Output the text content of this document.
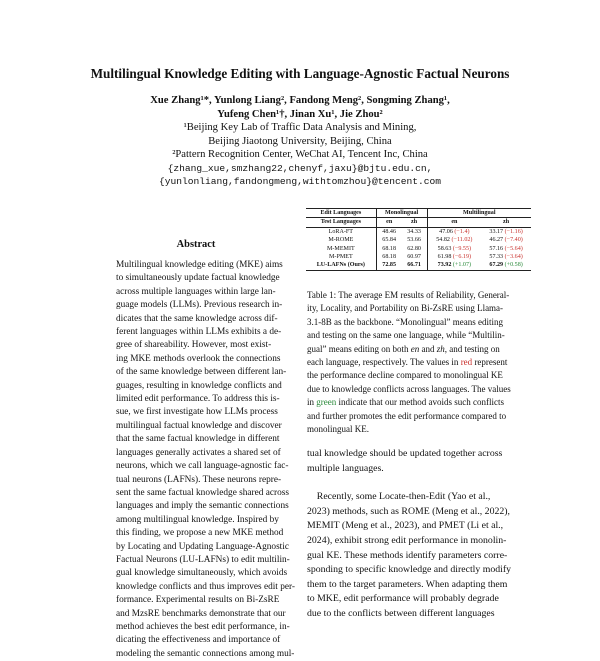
Multilingual Knowledge Editing with Language-Agnostic Factual Neurons
Xue Zhang¹*, Yunlong Liang², Fandong Meng², Songming Zhang¹,
Yufeng Chen¹†, Jinan Xu¹, Jie Zhou²
¹Beijing Key Lab of Traffic Data Analysis and Mining,
Beijing Jiaotong University, Beijing, China
²Pattern Recognition Center, WeChat AI, Tencent Inc, China
{zhang_xue,smzhang22,chenyf,jaxu}@bjtu.edu.cn,
{yunlonliang,fandongmeng,withtomzhou}@tencent.com
Abstract
Multilingual knowledge editing (MKE) aims
to simultaneously update factual knowledge
across multiple languages within large lan-
guage models (LLMs). Previous research in-
dicates that the same knowledge across dif-
ferent languages within LLMs exhibits a de-
gree of shareability. However, most exist-
ing MKE methods overlook the connections
of the same knowledge between different lan-
guages, resulting in knowledge conflicts and
limited edit performance. To address this is-
sue, we first investigate how LLMs process
multilingual factual knowledge and discover
that the same factual knowledge in different
languages generally activates a shared set of
neurons, which we call language-agnostic fac-
tual neurons (LAFNs). These neurons repre-
sent the same factual knowledge shared across
languages and imply the semantic connections
among multilingual knowledge. Inspired by
this finding, we propose a new MKE method
by Locating and Updating Language-Agnostic
Factual Neurons (LU-LAFNs) to edit multilin-
gual knowledge simultaneously, which avoids
knowledge conflicts and thus improves edit per-
formance. Experimental results on Bi-ZsRE
and MzsRE benchmarks demonstrate that our
method achieves the best edit performance, in-
dicating the effectiveness and importance of
modeling the semantic connections among mul-
Edit Languages	Monolingual		Multilingual	
Test Languages	en	zh	en	zh
LoRA-FT	48.46	34.33	47.06 (−1.4)	33.17 (−1.16)
M-ROME	65.84	53.66	54.82 (−11.02)	46.27 (−7.40)
M-MEMIT	68.18	62.80	58.63 (−9.55)	57.16 (−5.64)
M-PMET	68.18	60.97	61.98 (−6.19)	57.33 (−3.64)
LU-LAFNs (Ours)	72.85	66.71	73.92 (+1.07)	67.29 (+0.58)
Table 1: The average EM results of Reliability, General-
ity, Locality, and Portability on Bi-ZsRE using Llama-
3.1-8B as the backbone. “Monolingual” means editing
and testing on the same one language, while “Multilin-
gual” means editing on both en and zh, and testing on
each language, respectively. The values in red represent
the performance decline compared to monolingual KE
due to knowledge conflicts across languages. The values
in green indicate that our method avoids such conflicts
and further promotes the edit performance compared to
monolingual KE.
tual knowledge should be updated together across
multiple languages.
Recently, some Locate-then-Edit (Yao et al.,
2023) methods, such as ROME (Meng et al., 2022),
MEMIT (Meng et al., 2023), and PMET (Li et al.,
2024), exhibit strong edit performance in monolin-
gual KE. These methods identify parameters corre-
sponding to specific knowledge and directly modify
them to the target parameters. When adapting them
to MKE, edit performance will probably degrade
due to the conflicts between different languages
